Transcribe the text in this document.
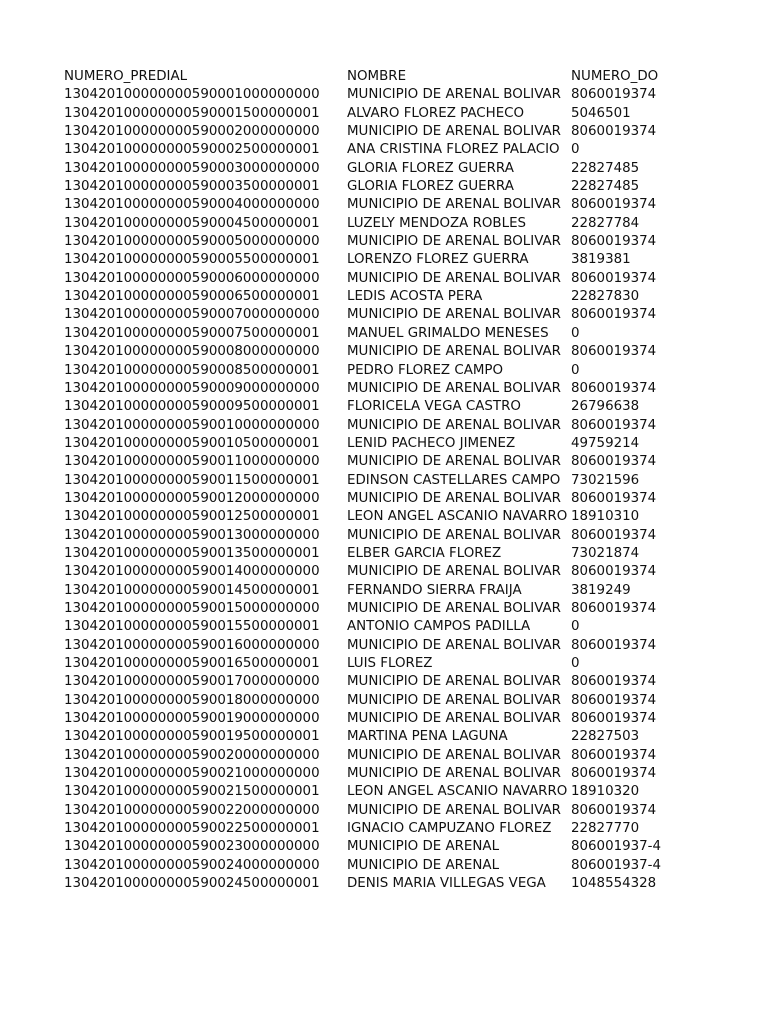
NUMERO_PREDIAL	NOMBRE	NUMERO_DO
130420100000000590001000000000	MUNICIPIO DE ARENAL BOLIVAR 8060019374
130420100000000590001500000001	ALVARO FLOREZ PACHECO	5046501
130420100000000590002000000000	MUNICIPIO DE ARENAL BOLIVAR 8060019374
130420100000000590002500000001	ANA CRISTINA FLOREZ PALACIO 0
130420100000000590003000000000	GLORIA FLOREZ GUERRA	22827485
130420100000000590003500000001	GLORIA FLOREZ GUERRA	22827485
130420100000000590004000000000	MUNICIPIO DE ARENAL BOLIVAR 8060019374
130420100000000590004500000001	LUZELY MENDOZA ROBLES	22827784
130420100000000590005000000000	MUNICIPIO DE ARENAL BOLIVAR 8060019374
130420100000000590005500000001	LORENZO FLOREZ GUERRA	3819381
130420100000000590006000000000	MUNICIPIO DE ARENAL BOLIVAR 8060019374
130420100000000590006500000001	LEDIS ACOSTA PERA	22827830
130420100000000590007000000000	MUNICIPIO DE ARENAL BOLIVAR 8060019374
130420100000000590007500000001	MANUEL GRIMALDO MENESES	0
130420100000000590008000000000	MUNICIPIO DE ARENAL BOLIVAR 8060019374
130420100000000590008500000001	PEDRO FLOREZ CAMPO	0
130420100000000590009000000000	MUNICIPIO DE ARENAL BOLIVAR 8060019374
130420100000000590009500000001	FLORICELA VEGA CASTRO	26796638
130420100000000590010000000000	MUNICIPIO DE ARENAL BOLIVAR 8060019374
130420100000000590010500000001	LENID PACHECO JIMENEZ	49759214
130420100000000590011000000000	MUNICIPIO DE ARENAL BOLIVAR 8060019374
130420100000000590011500000001	EDINSON CASTELLARES CAMPO 73021596
130420100000000590012000000000	MUNICIPIO DE ARENAL BOLIVAR 8060019374
130420100000000590012500000001	LEON ANGEL ASCANIO NAVARRO 18910310
130420100000000590013000000000	MUNICIPIO DE ARENAL BOLIVAR 8060019374
130420100000000590013500000001	ELBER GARCIA FLOREZ	73021874
130420100000000590014000000000	MUNICIPIO DE ARENAL BOLIVAR 8060019374
130420100000000590014500000001	FERNANDO SIERRA FRAIJA	3819249
130420100000000590015000000000	MUNICIPIO DE ARENAL BOLIVAR 8060019374
130420100000000590015500000001	ANTONIO CAMPOS PADILLA	0
130420100000000590016000000000	MUNICIPIO DE ARENAL BOLIVAR 8060019374
130420100000000590016500000001	LUIS FLOREZ	0
130420100000000590017000000000	MUNICIPIO DE ARENAL BOLIVAR 8060019374
130420100000000590018000000000	MUNICIPIO DE ARENAL BOLIVAR 8060019374
130420100000000590019000000000	MUNICIPIO DE ARENAL BOLIVAR 8060019374
130420100000000590019500000001	MARTINA PENA LAGUNA	22827503
130420100000000590020000000000	MUNICIPIO DE ARENAL BOLIVAR 8060019374
130420100000000590021000000000	MUNICIPIO DE ARENAL BOLIVAR 8060019374
130420100000000590021500000001	LEON ANGEL ASCANIO NAVARRO 18910320
130420100000000590022000000000	MUNICIPIO DE ARENAL BOLIVAR 8060019374
130420100000000590022500000001	IGNACIO CAMPUZANO FLOREZ	22827770
130420100000000590023000000000	MUNICIPIO DE ARENAL	806001937-4
130420100000000590024000000000	MUNICIPIO DE ARENAL	806001937-4
130420100000000590024500000001	DENIS MARIA VILLEGAS VEGA	1048554328
